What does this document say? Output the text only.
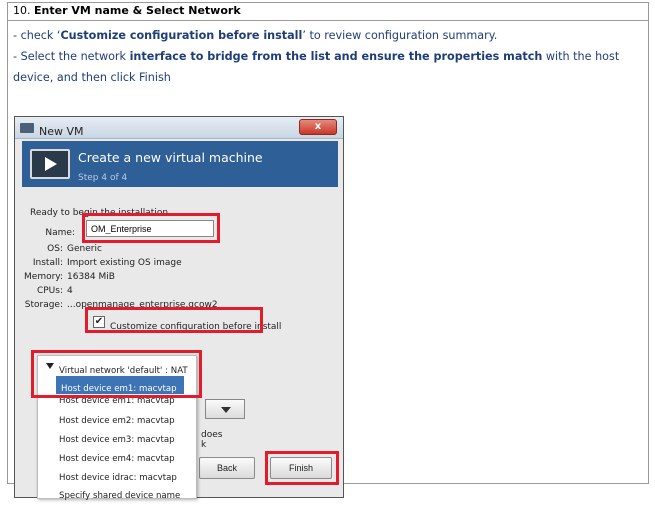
10. Enter VM name & Select Network
- check ‘Customize configuration before install’ to review configuration summary.
- Select the network interface to bridge from the list and ensure the properties match with the host device, and then click Finish
New VM	x
Create a new virtual machine
Step 4 of 4
Ready to begin the installation
Name:
OM_Enterprise
OS: Generic
Install: Import existing OS image
Memory: 16384 MiB
CPUs: 4
Storage: ...openmanage_enterprise.qcow2
✔ Customize configuration before install
does
k
Back	Finish
Virtual network 'default' : NAT
Host device em1: macvtap
Host device em1: macvtap
Host device em2: macvtap
Host device em3: macvtap
Host device em4: macvtap
Host device idrac: macvtap
Specify shared device name
